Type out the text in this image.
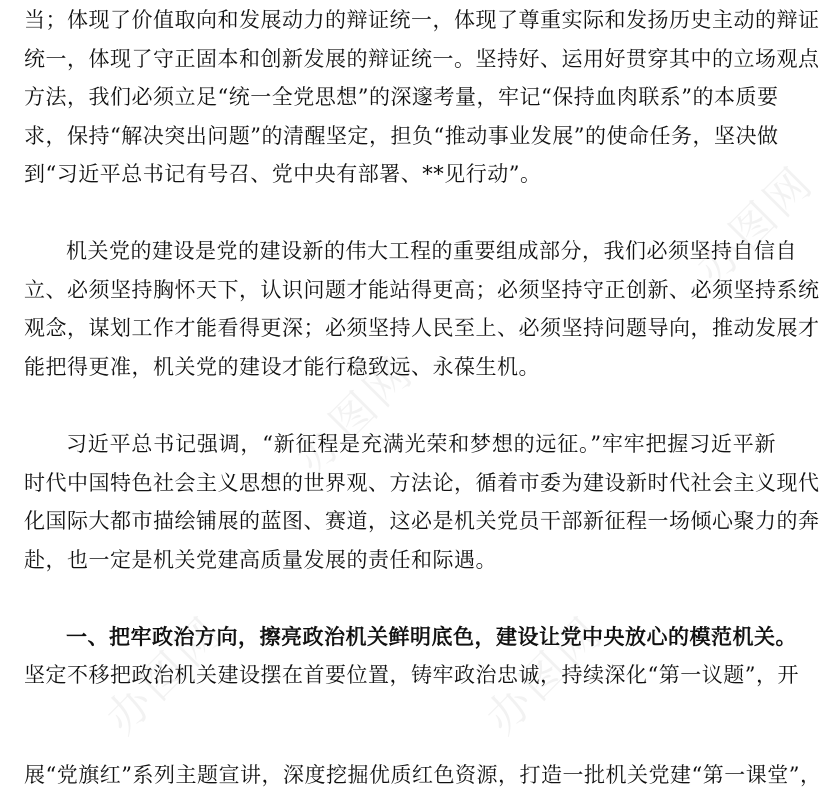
当；体现了价值取向和发展动力的辩证统一，体现了尊重实际和发扬历史主动的辩证
统一，体现了守正固本和创新发展的辩证统一。坚持好、运用好贯穿其中的立场观点
方法，我们必须立足“统一全党思想”的深邃考量，牢记“保持血肉联系”的本质要
求，保持“解决突出问题”的清醒坚定，担负“推动事业发展”的使命任务，坚决做
到“习近平总书记有号召、党中央有部署、**见行动”。
机关党的建设是党的建设新的伟大工程的重要组成部分，我们必须坚持自信自
立、必须坚持胸怀天下，认识问题才能站得更高；必须坚持守正创新、必须坚持系统
观念，谋划工作才能看得更深；必须坚持人民至上、必须坚持问题导向，推动发展才
能把得更准，机关党的建设才能行稳致远、永葆生机。
习近平总书记强调，“新征程是充满光荣和梦想的远征。”牢牢把握习近平新
时代中国特色社会主义思想的世界观、方法论，循着市委为建设新时代社会主义现代
化国际大都市描绘铺展的蓝图、赛道，这必是机关党员干部新征程一场倾心聚力的奔
赴，也一定是机关党建高质量发展的责任和际遇。
一、把牢政治方向，擦亮政治机关鲜明底色，建设让党中央放心的模范机关。
坚定不移把政治机关建设摆在首要位置，铸牢政治忠诚，持续深化“第一议题”，开
展“党旗红”系列主题宣讲，深度挖掘优质红色资源，打造一批机关党建“第一课堂”，
办图网
办图网
办图网
办图网
